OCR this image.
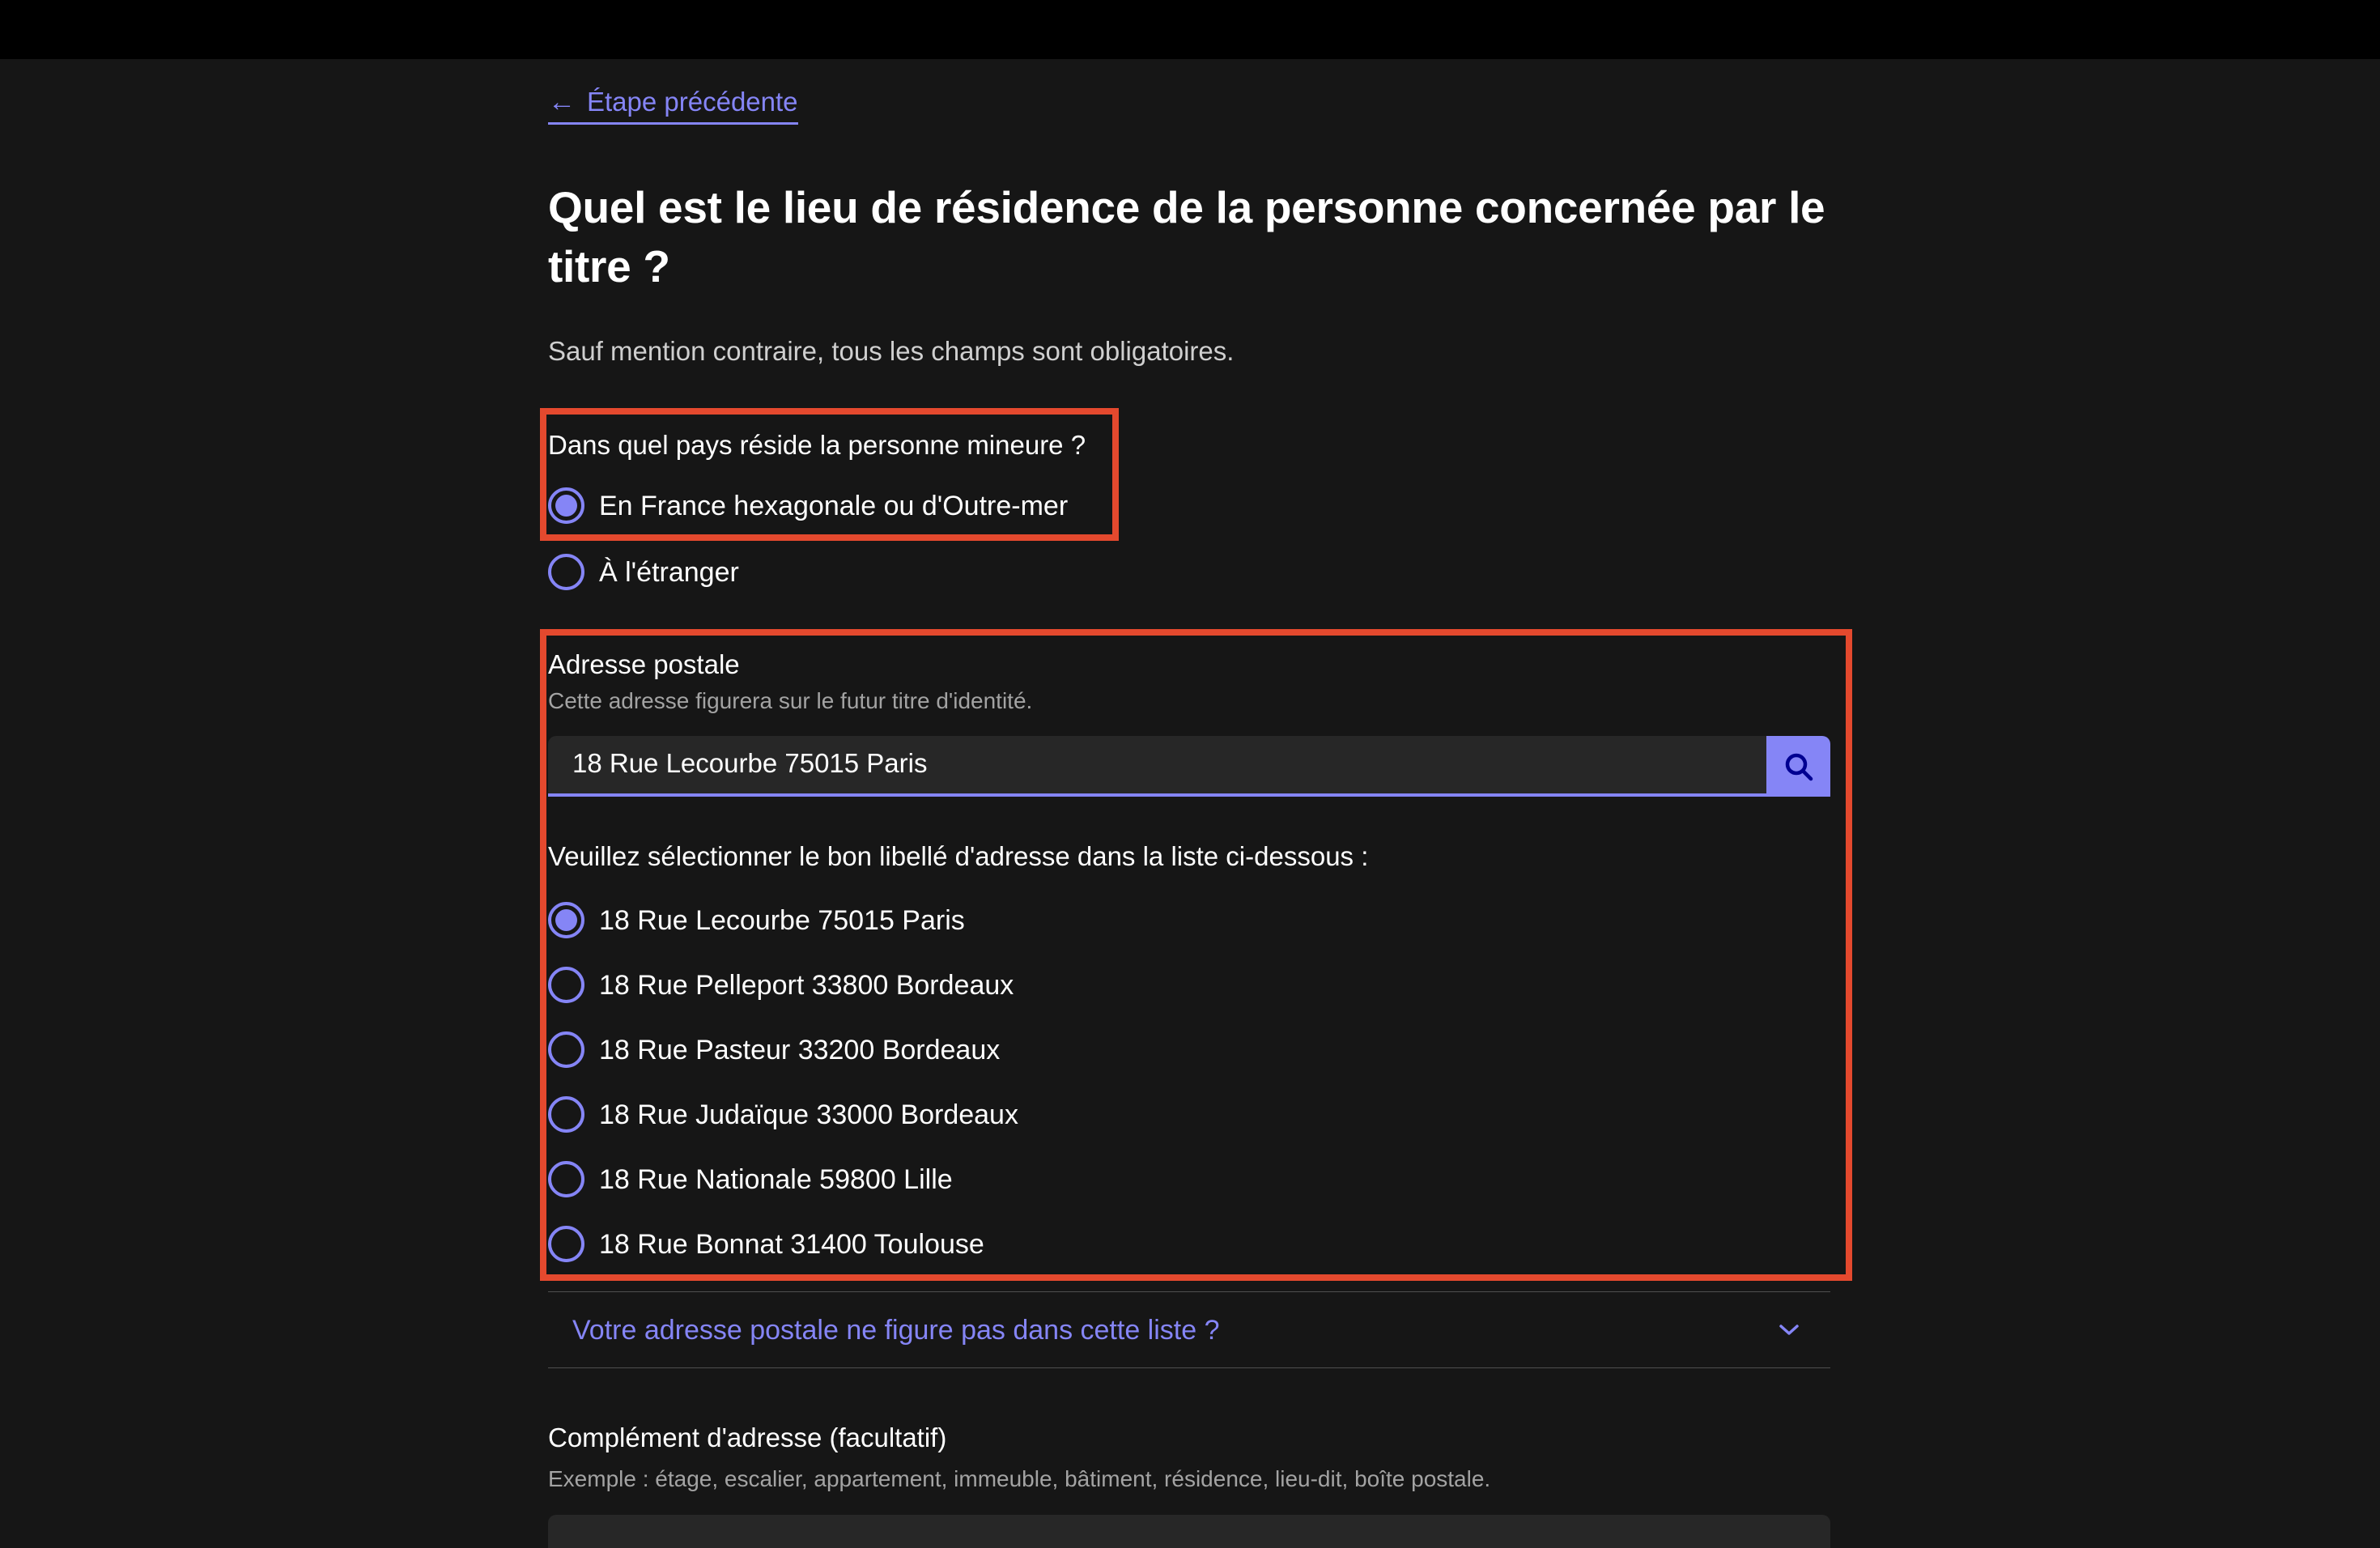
← Étape précédente
Quel est le lieu de résidence de la personne concernée par le titre ?

Sauf mention contraire, tous les champs sont obligatoires.

Dans quel pays réside la personne mineure ?

En France hexagonale ou d'Outre-mer
À l'étranger

Adresse postale

Cette adresse figurera sur le futur titre d'identité.

18 Rue Lecourbe 75015 Paris

Veuillez sélectionner le bon libellé d'adresse dans la liste ci-dessous :

18 Rue Lecourbe 75015 Paris
18 Rue Pelleport 33800 Bordeaux
18 Rue Pasteur 33200 Bordeaux
18 Rue Judaïque 33000 Bordeaux
18 Rue Nationale 59800 Lille
18 Rue Bonnat 31400 Toulouse
Votre adresse postale ne figure pas dans cette liste ?

Complément d'adresse (facultatif)

Exemple : étage, escalier, appartement, immeuble, bâtiment, résidence, lieu-dit, boîte postale.
